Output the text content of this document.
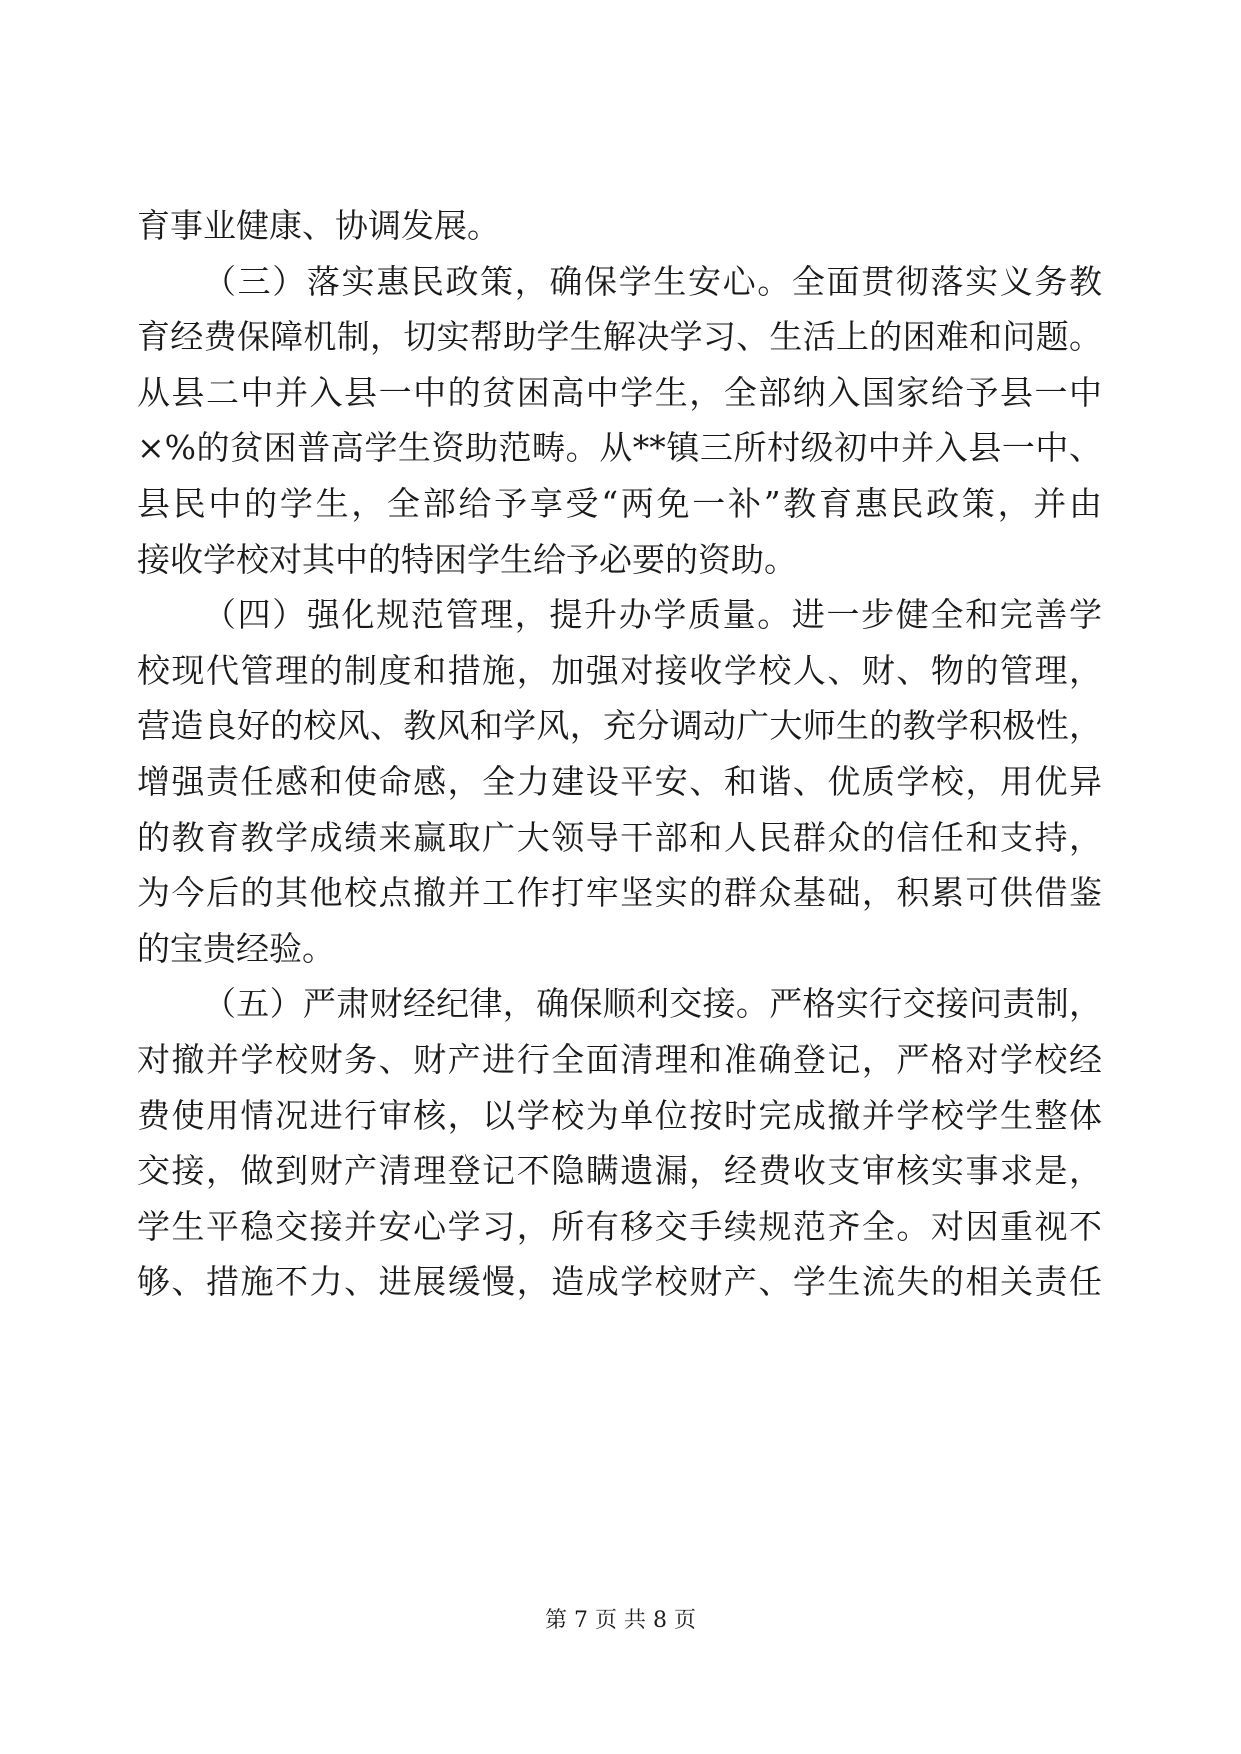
育事业健康、协调发展。
（三）落实惠民政策，确保学生安心。全面贯彻落实义务教
育经费保障机制，切实帮助学生解决学习、生活上的困难和问题。
从县二中并入县一中的贫困高中学生，全部纳入国家给予县一中
×%的贫困普高学生资助范畴。从**镇三所村级初中并入县一中、
县民中的学生，全部给予享受“两免一补”教育惠民政策，并由
接收学校对其中的特困学生给予必要的资助。
（四）强化规范管理，提升办学质量。进一步健全和完善学
校现代管理的制度和措施，加强对接收学校人、财、物的管理，
营造良好的校风、教风和学风，充分调动广大师生的教学积极性，
增强责任感和使命感，全力建设平安、和谐、优质学校，用优异
的教育教学成绩来赢取广大领导干部和人民群众的信任和支持，
为今后的其他校点撤并工作打牢坚实的群众基础，积累可供借鉴
的宝贵经验。
（五）严肃财经纪律，确保顺利交接。严格实行交接问责制，
对撤并学校财务、财产进行全面清理和准确登记，严格对学校经
费使用情况进行审核，以学校为单位按时完成撤并学校学生整体
交接，做到财产清理登记不隐瞒遗漏，经费收支审核实事求是，
学生平稳交接并安心学习，所有移交手续规范齐全。对因重视不
够、措施不力、进展缓慢，造成学校财产、学生流失的相关责任
第 7 页 共 8 页
